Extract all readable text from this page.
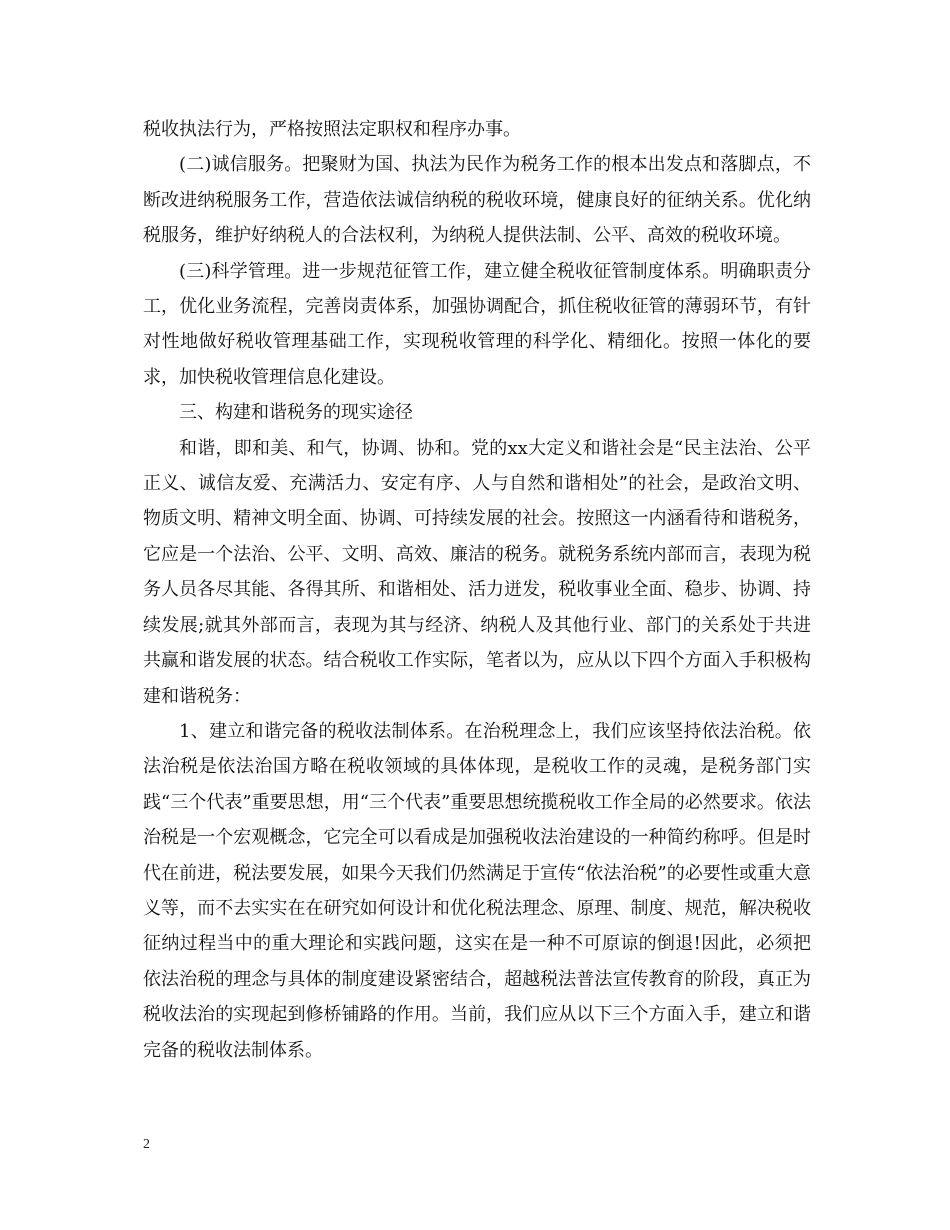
税收执法行为，严格按照法定职权和程序办事。

(二)诚信服务。把聚财为国、执法为民作为税务工作的根本出发点和落脚点，不断改进纳税服务工作，营造依法诚信纳税的税收环境，健康良好的征纳关系。优化纳税服务，维护好纳税人的合法权利，为纳税人提供法制、公平、高效的税收环境。

(三)科学管理。进一步规范征管工作，建立健全税收征管制度体系。明确职责分工，优化业务流程，完善岗责体系，加强协调配合，抓住税收征管的薄弱环节，有针对性地做好税收管理基础工作，实现税收管理的科学化、精细化。按照一体化的要求，加快税收管理信息化建设。

三、构建和谐税务的现实途径

和谐，即和美、和气，协调、协和。党的xx大定义和谐社会是“民主法治、公平正义、诚信友爱、充满活力、安定有序、人与自然和谐相处”的社会，是政治文明、物质文明、精神文明全面、协调、可持续发展的社会。按照这一内涵看待和谐税务，它应是一个法治、公平、文明、高效、廉洁的税务。就税务系统内部而言，表现为税务人员各尽其能、各得其所、和谐相处、活力迸发，税收事业全面、稳步、协调、持续发展;就其外部而言，表现为其与经济、纳税人及其他行业、部门的关系处于共进共赢和谐发展的状态。结合税收工作实际，笔者以为，应从以下四个方面入手积极构建和谐税务：

1、建立和谐完备的税收法制体系。在治税理念上，我们应该坚持依法治税。依法治税是依法治国方略在税收领域的具体体现，是税收工作的灵魂，是税务部门实践“三个代表”重要思想，用“三个代表”重要思想统揽税收工作全局的必然要求。依法治税是一个宏观概念，它完全可以看成是加强税收法治建设的一种简约称呼。但是时代在前进，税法要发展，如果今天我们仍然满足于宣传“依法治税”的必要性或重大意义等，而不去实实在在研究如何设计和优化税法理念、原理、制度、规范，解决税收征纳过程当中的重大理论和实践问题，这实在是一种不可原谅的倒退!因此，必须把依法治税的理念与具体的制度建设紧密结合，超越税法普法宣传教育的阶段，真正为税收法治的实现起到修桥铺路的作用。当前，我们应从以下三个方面入手，建立和谐完备的税收法制体系。

2
